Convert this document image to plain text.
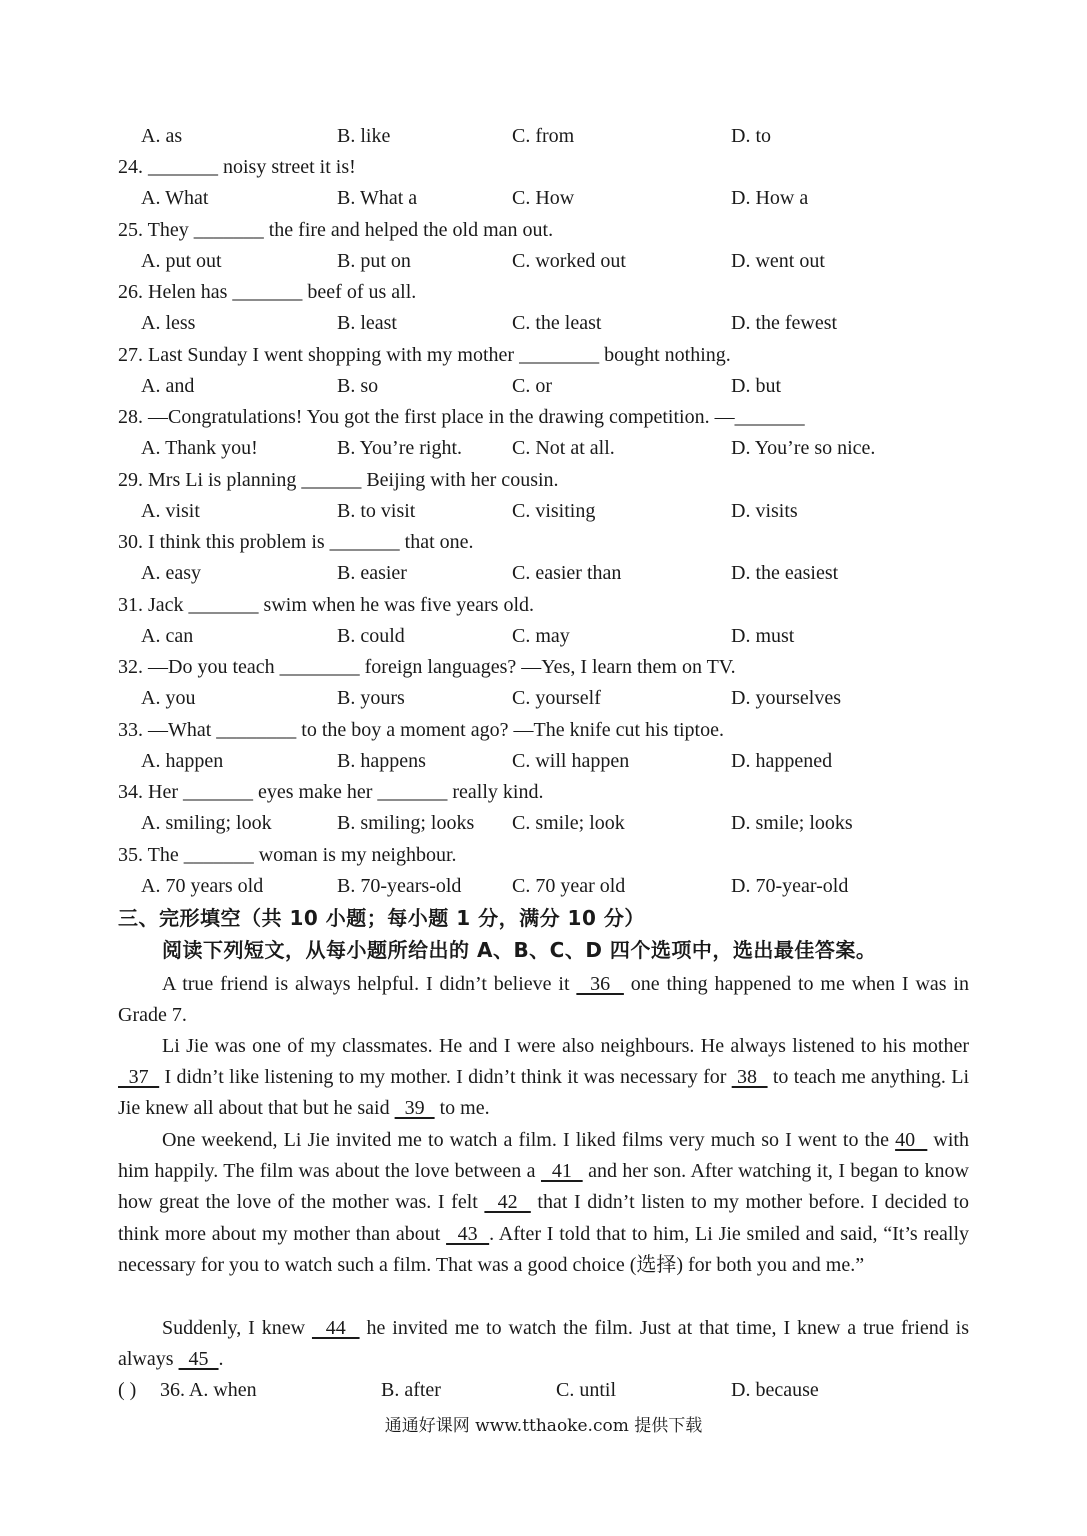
A. as	B. like	C. from	D. to
24. _______ noisy street it is!
A. What	B. What a	C. How	D. How a
25. They _______ the fire and helped the old man out.
A. put out	B. put on	C. worked out	D. went out
26. Helen has _______ beef of us all.
A. less	B. least	C. the least	D. the fewest
27. Last Sunday I went shopping with my mother ________ bought nothing.
A. and	B. so	C. or	D. but
28. —Congratulations! You got the first place in the drawing competition. —_______
A. Thank you!	B. You’re right. C. Not at all.	D. You’re so nice.
29. Mrs Li is planning ______ Beijing with her cousin.
A. visit	B. to visit	C. visiting	D. visits
30. I think this problem is _______ that one.
A. easy	B. easier	C. easier than	D. the easiest
31. Jack _______ swim when he was five years old.
A. can	B. could	C. may	D. must
32. —Do you teach ________ foreign languages? —Yes, I learn them on TV.
A. you	B. yours	C. yourself	D. yourselves
33. —What ________ to the boy a moment ago? —The knife cut his tiptoe.
A. happen	B. happens	C. will happen	D. happened
34. Her _______ eyes make her _______ really kind.
A. smiling; look	B. smiling; looks C. smile; look	D. smile; looks
35. The _______ woman is my neighbour.
A. 70 years old	B. 70-years-old	C. 70 year old	D. 70-year-old
三、完形填空（共 10 小题；每小题 1 分，满分 10 分）
阅读下列短文，从每小题所给出的 A、B、C、D 四个选项中，选出最佳答案。

A true friend is always helpful. I didn’t believe it   36   one thing happened to me when I was in Grade 7.

Li Jie was one of my classmates. He and I were also neighbours. He always listened to his mother   37   I didn’t like listening to my mother. I didn’t think it was necessary for  38   to teach me anything. Li Jie knew all about that but he said   39   to me.

One weekend, Li Jie invited me to watch a film. I liked films very much so I went to the 40   with him happily. The film was about the love between a   41   and her son. After watching it, I began to know how great the love of the mother was. I felt   42   that I didn’t listen to my mother before. I decided to think more about my mother than about   43  . After I told that to him, Li Jie smiled and said, “It’s really necessary for you to watch such a film. That was a good choice (选择) for both you and me.”

Suddenly, I knew   44   he invited me to watch the film. Just at that time, I knew a true friend is always   45  .

( ) 36. A. when	B. after	C. until	D. because
通通好课网 www.tthaoke.com 提供下载
